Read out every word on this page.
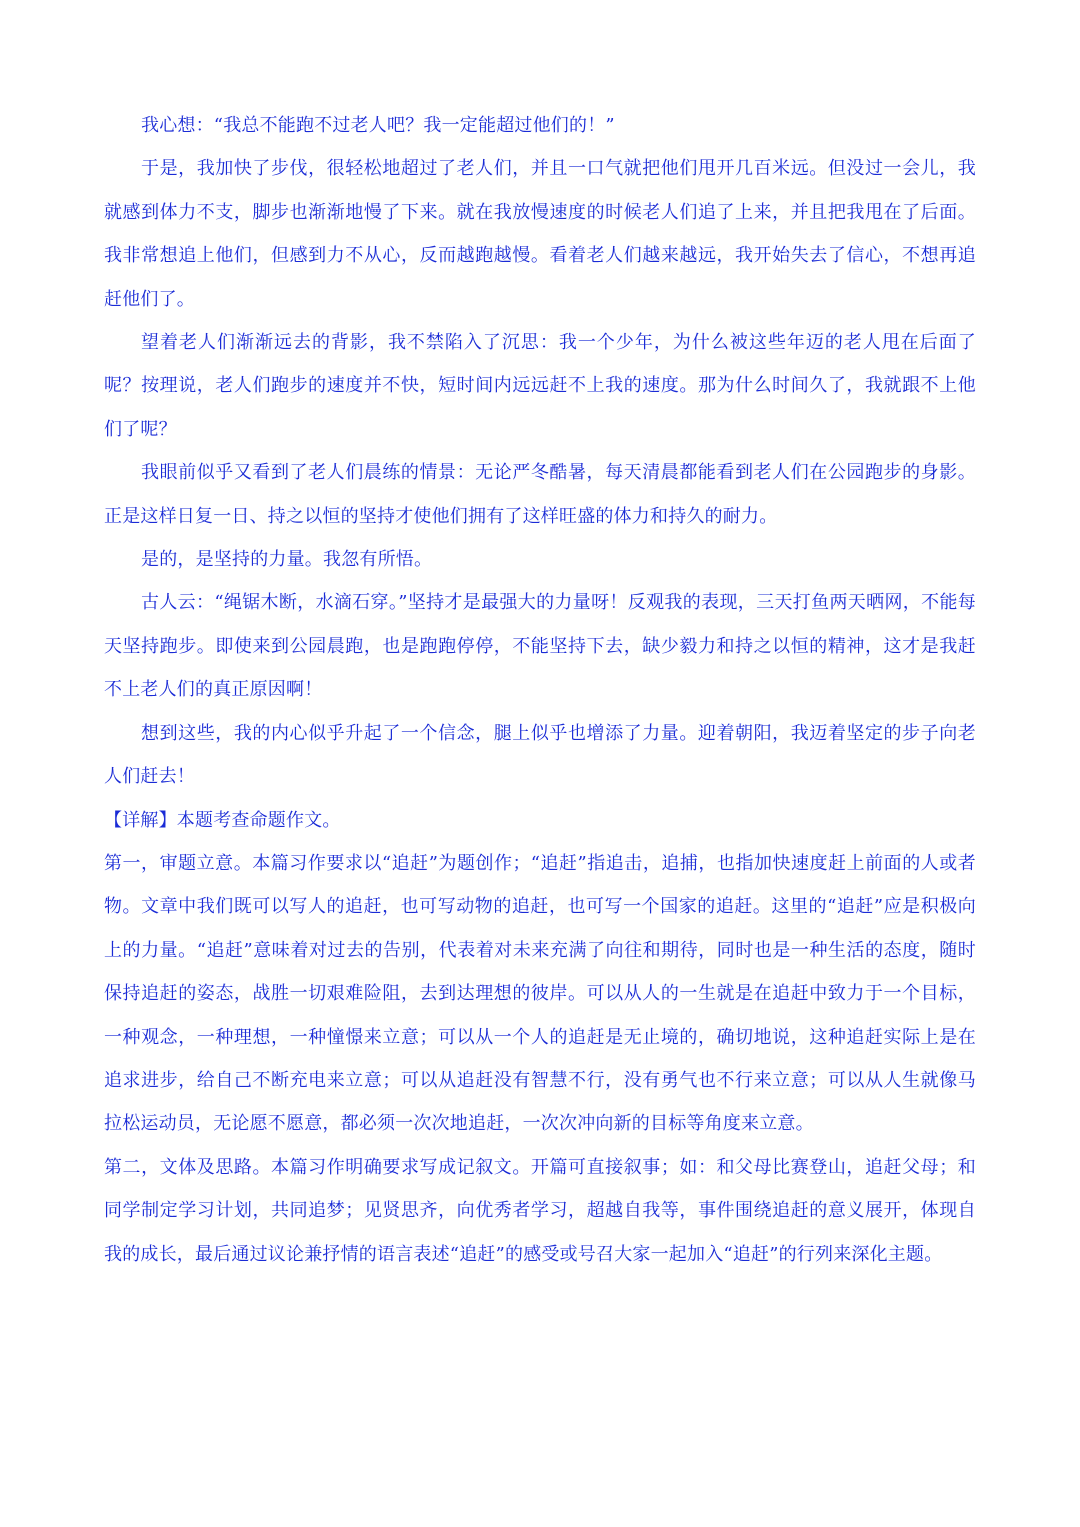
我心想：“我总不能跑不过老人吧？我一定能超过他们的！”

于是，我加快了步伐，很轻松地超过了老人们，并且一口气就把他们甩开几百米远。但没过一会儿，我就感到体力不支，脚步也渐渐地慢了下来。就在我放慢速度的时候老人们追了上来，并且把我甩在了后面。我非常想追上他们，但感到力不从心，反而越跑越慢。看着老人们越来越远，我开始失去了信心，不想再追赶他们了。

望着老人们渐渐远去的背影，我不禁陷入了沉思：我一个少年，为什么被这些年迈的老人甩在后面了呢？按理说，老人们跑步的速度并不快，短时间内远远赶不上我的速度。那为什么时间久了，我就跟不上他们了呢？

我眼前似乎又看到了老人们晨练的情景：无论严冬酷暑，每天清晨都能看到老人们在公园跑步的身影。正是这样日复一日、持之以恒的坚持才使他们拥有了这样旺盛的体力和持久的耐力。

是的，是坚持的力量。我忽有所悟。

古人云：“绳锯木断，水滴石穿。”坚持才是最强大的力量呀！反观我的表现，三天打鱼两天晒网，不能每天坚持跑步。即使来到公园晨跑，也是跑跑停停，不能坚持下去，缺少毅力和持之以恒的精神，这才是我赶不上老人们的真正原因啊！

想到这些，我的内心似乎升起了一个信念，腿上似乎也增添了力量。迎着朝阳，我迈着坚定的步子向老人们赶去！

【详解】本题考查命题作文。

第一，审题立意。本篇习作要求以“追赶”为题创作；“追赶”指追击，追捕，也指加快速度赶上前面的人或者物。文章中我们既可以写人的追赶，也可写动物的追赶，也可写一个国家的追赶。这里的“追赶”应是积极向上的力量。“追赶”意味着对过去的告别，代表着对未来充满了向往和期待，同时也是一种生活的态度，随时保持追赶的姿态，战胜一切艰难险阻，去到达理想的彼岸。可以从人的一生就是在追赶中致力于一个目标，一种观念，一种理想，一种憧憬来立意；可以从一个人的追赶是无止境的，确切地说，这种追赶实际上是在追求进步，给自己不断充电来立意；可以从追赶没有智慧不行，没有勇气也不行来立意；可以从人生就像马拉松运动员，无论愿不愿意，都必须一次次地追赶，一次次冲向新的目标等角度来立意。

第二，文体及思路。本篇习作明确要求写成记叙文。开篇可直接叙事；如：和父母比赛登山，追赶父母；和同学制定学习计划，共同追梦；见贤思齐，向优秀者学习，超越自我等，事件围绕追赶的意义展开，体现自我的成长，最后通过议论兼抒情的语言表述“追赶”的感受或号召大家一起加入“追赶”的行列来深化主题。
